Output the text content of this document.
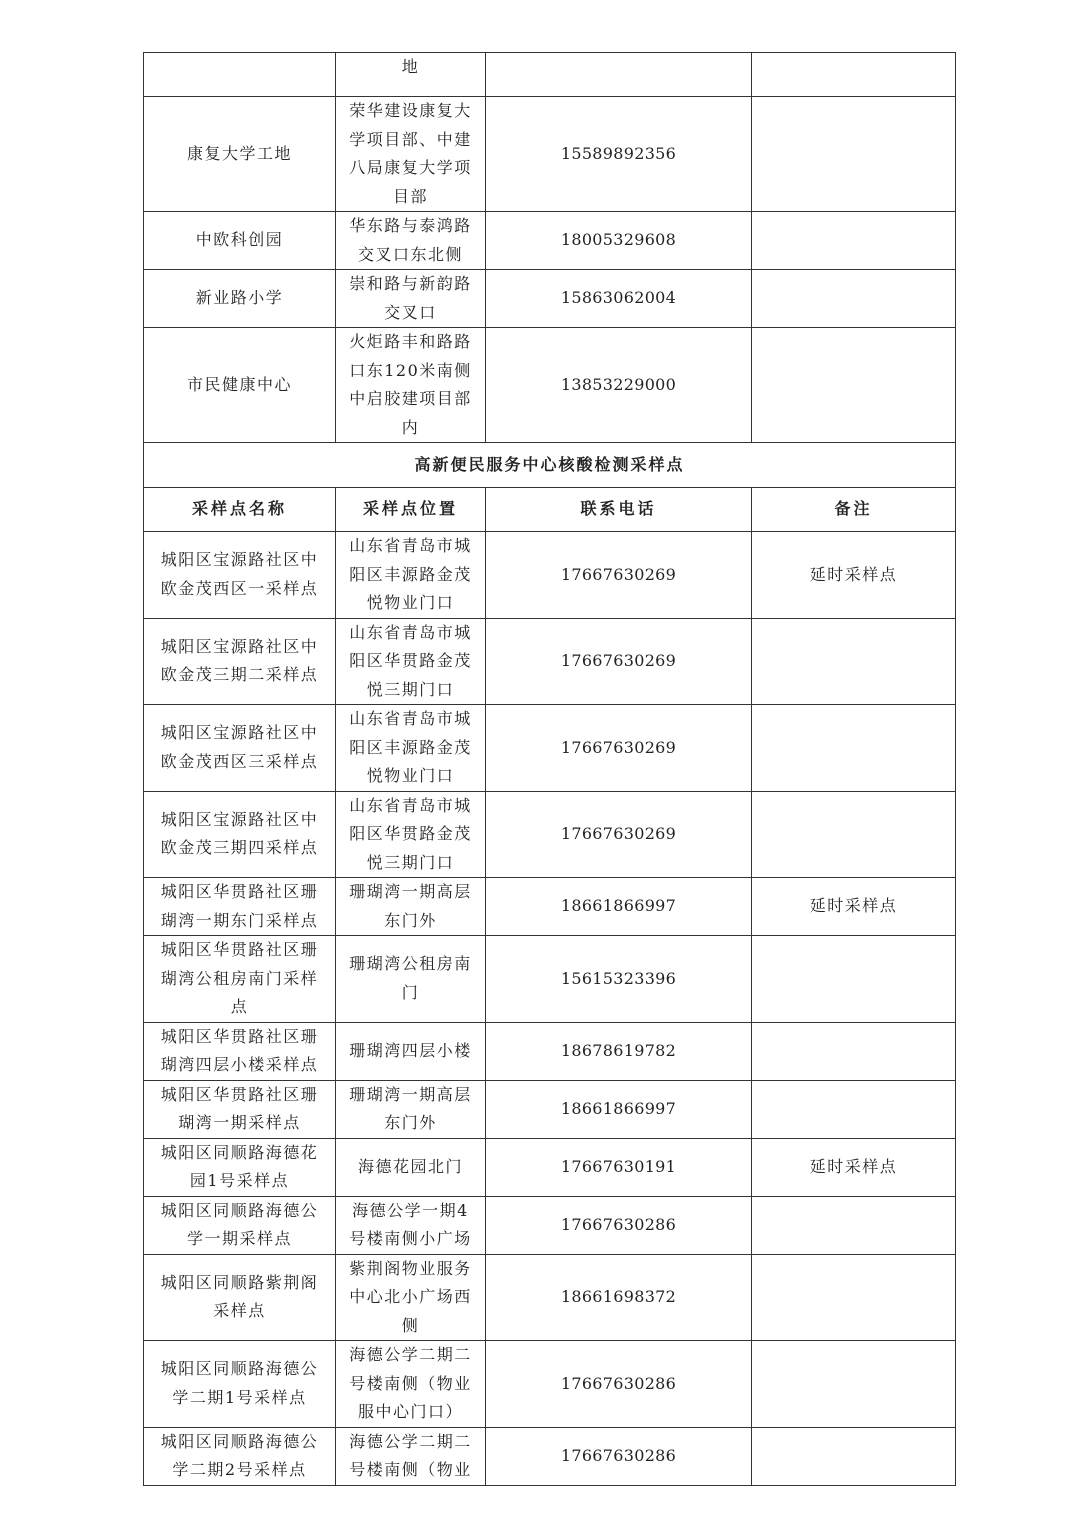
	地		
康复大学工地	荣华建设康复大学项目部、中建八局康复大学项目部	15589892356	
中欧科创园	华东路与泰鸿路交叉口东北侧	18005329608	
新业路小学	崇和路与新韵路交叉口	15863062004	
市民健康中心	火炬路丰和路路口东120米南侧中启胶建项目部内	13853229000	
高新便民服务中心核酸检测采样点			
采样点名称	采样点位置	联系电话	备注
城阳区宝源路社区中欧金茂西区一采样点	山东省青岛市城阳区丰源路金茂悦物业门口	17667630269	延时采样点
城阳区宝源路社区中欧金茂三期二采样点	山东省青岛市城阳区华贯路金茂悦三期门口	17667630269	
城阳区宝源路社区中欧金茂西区三采样点	山东省青岛市城阳区丰源路金茂悦物业门口	17667630269	
城阳区宝源路社区中欧金茂三期四采样点	山东省青岛市城阳区华贯路金茂悦三期门口	17667630269	
城阳区华贯路社区珊瑚湾一期东门采样点	珊瑚湾一期高层东门外	18661866997	延时采样点
城阳区华贯路社区珊瑚湾公租房南门采样点	珊瑚湾公租房南门	15615323396	
城阳区华贯路社区珊瑚湾四层小楼采样点	珊瑚湾四层小楼	18678619782	
城阳区华贯路社区珊瑚湾一期采样点	珊瑚湾一期高层东门外	18661866997	
城阳区同顺路海德花园1号采样点	海德花园北门	17667630191	延时采样点
城阳区同顺路海德公学一期采样点	海德公学一期4号楼南侧小广场	17667630286	
城阳区同顺路紫荆阁采样点	紫荆阁物业服务中心北小广场西侧	18661698372	
城阳区同顺路海德公学二期1号采样点	海德公学二期二号楼南侧（物业服中心门口）	17667630286	
城阳区同顺路海德公学二期2号采样点	海德公学二期二号楼南侧（物业	17667630286	
